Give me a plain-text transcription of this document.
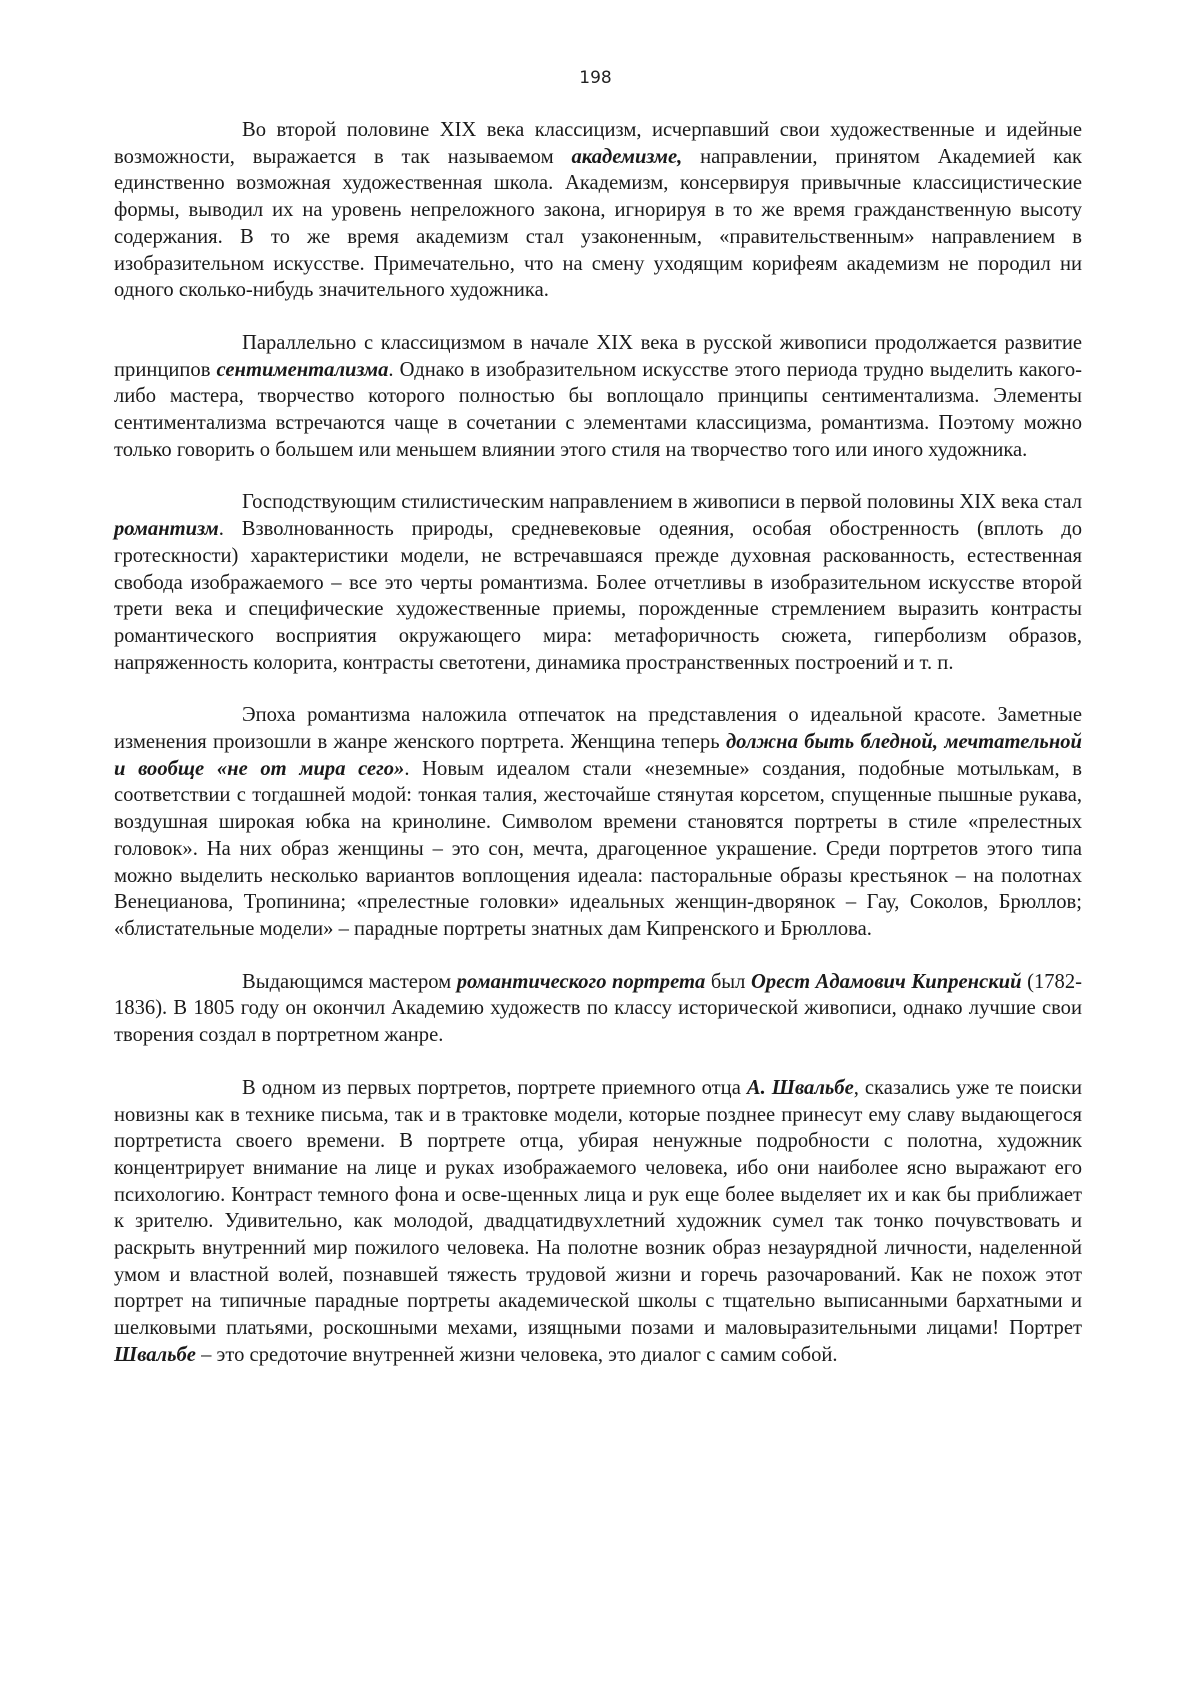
198

Во второй половине XIX века классицизм, исчерпавший свои художественные и идейные возможности, выражается в так называемом академизме, направлении, принятом Академией как единственно возможная художественная школа. Академизм, консервируя привычные классицистические формы, выводил их на уровень непреложного закона, игнорируя в то же время гражданственную высоту содержания. В то же время академизм стал узаконенным, «правительственным» направлением в изобразительном искусстве. Примечательно, что на смену уходящим корифеям академизм не породил ни одного сколько-нибудь значительного художника.

Параллельно с классицизмом в начале XIX века в русской живописи продолжается развитие принципов сентиментализма. Однако в изобразительном искусстве этого периода трудно выделить какого-либо мастера, творчество которого полностью бы воплощало принципы сентиментализма. Элементы сентиментализма встречаются чаще в сочетании с элементами классицизма, романтизма. Поэтому можно только говорить о большем или меньшем влиянии этого стиля на творчество того или иного художника.

Господствующим стилистическим направлением в живописи в первой половины XIX века стал романтизм. Взволнованность природы, средневековые одеяния, особая обостренность (вплоть до гротескности) характеристики модели, не встречавшаяся прежде духовная раскованность, естественная свобода изображаемого – все это черты романтизма. Более отчетливы в изобразительном искусстве второй трети века и специфические художественные приемы, порожденные стремлением выразить контрасты романтического восприятия окружающего мира: метафоричность сюжета, гиперболизм образов, напряженность колорита, контрасты светотени, динамика пространственных построений и т. п.

Эпоха романтизма наложила отпечаток на представления о идеальной красоте. Заметные изменения произошли в жанре женского портрета. Женщина теперь должна быть бледной, мечтательной и вообще «не от мира сего». Новым идеалом стали «неземные» создания, подобные мотылькам, в соответствии с тогдашней модой: тонкая талия, жесточайше стянутая корсетом, спущенные пышные рукава, воздушная широкая юбка на кринолине. Символом времени становятся портреты в стиле «прелестных головок». На них образ женщины – это сон, мечта, драгоценное украшение. Среди портретов этого типа можно выделить несколько вариантов воплощения идеала: пасторальные образы крестьянок – на полотнах Венецианова, Тропинина; «прелестные головки» идеальных женщин-дворянок – Гау, Соколов, Брюллов; «блистательные модели» – парадные портреты знатных дам Кипренского и Брюллова.

Выдающимся мастером романтического портрета был Орест Адамович Кипренский (1782-1836). В 1805 году он окончил Академию художеств по классу исторической живописи, однако лучшие свои творения создал в портретном жанре.

В одном из первых портретов, портрете приемного отца А. Швальбе, сказались уже те поиски новизны как в технике письма, так и в трактовке модели, которые позднее принесут ему славу выдающегося портретиста своего времени. В портрете отца, убирая ненужные подробности с полотна, художник концентрирует внимание на лице и руках изображаемого человека, ибо они наиболее ясно выражают его психологию. Контраст темного фона и осве-щенных лица и рук еще более выделяет их и как бы приближает к зрителю. Удивительно, как молодой, двадцатидвухлетний художник сумел так тонко почувствовать и раскрыть внутренний мир пожилого человека. На полотне возник образ незаурядной личности, наделенной умом и властной волей, познавшей тяжесть трудовой жизни и горечь разочарований. Как не похож этот портрет на типичные парадные портреты академической школы с тщательно выписанными бархатными и шелковыми платьями, роскошными мехами, изящными позами и маловыразительными лицами! Портрет Швальбе – это средоточие внутренней жизни человека, это диалог с самим собой.
